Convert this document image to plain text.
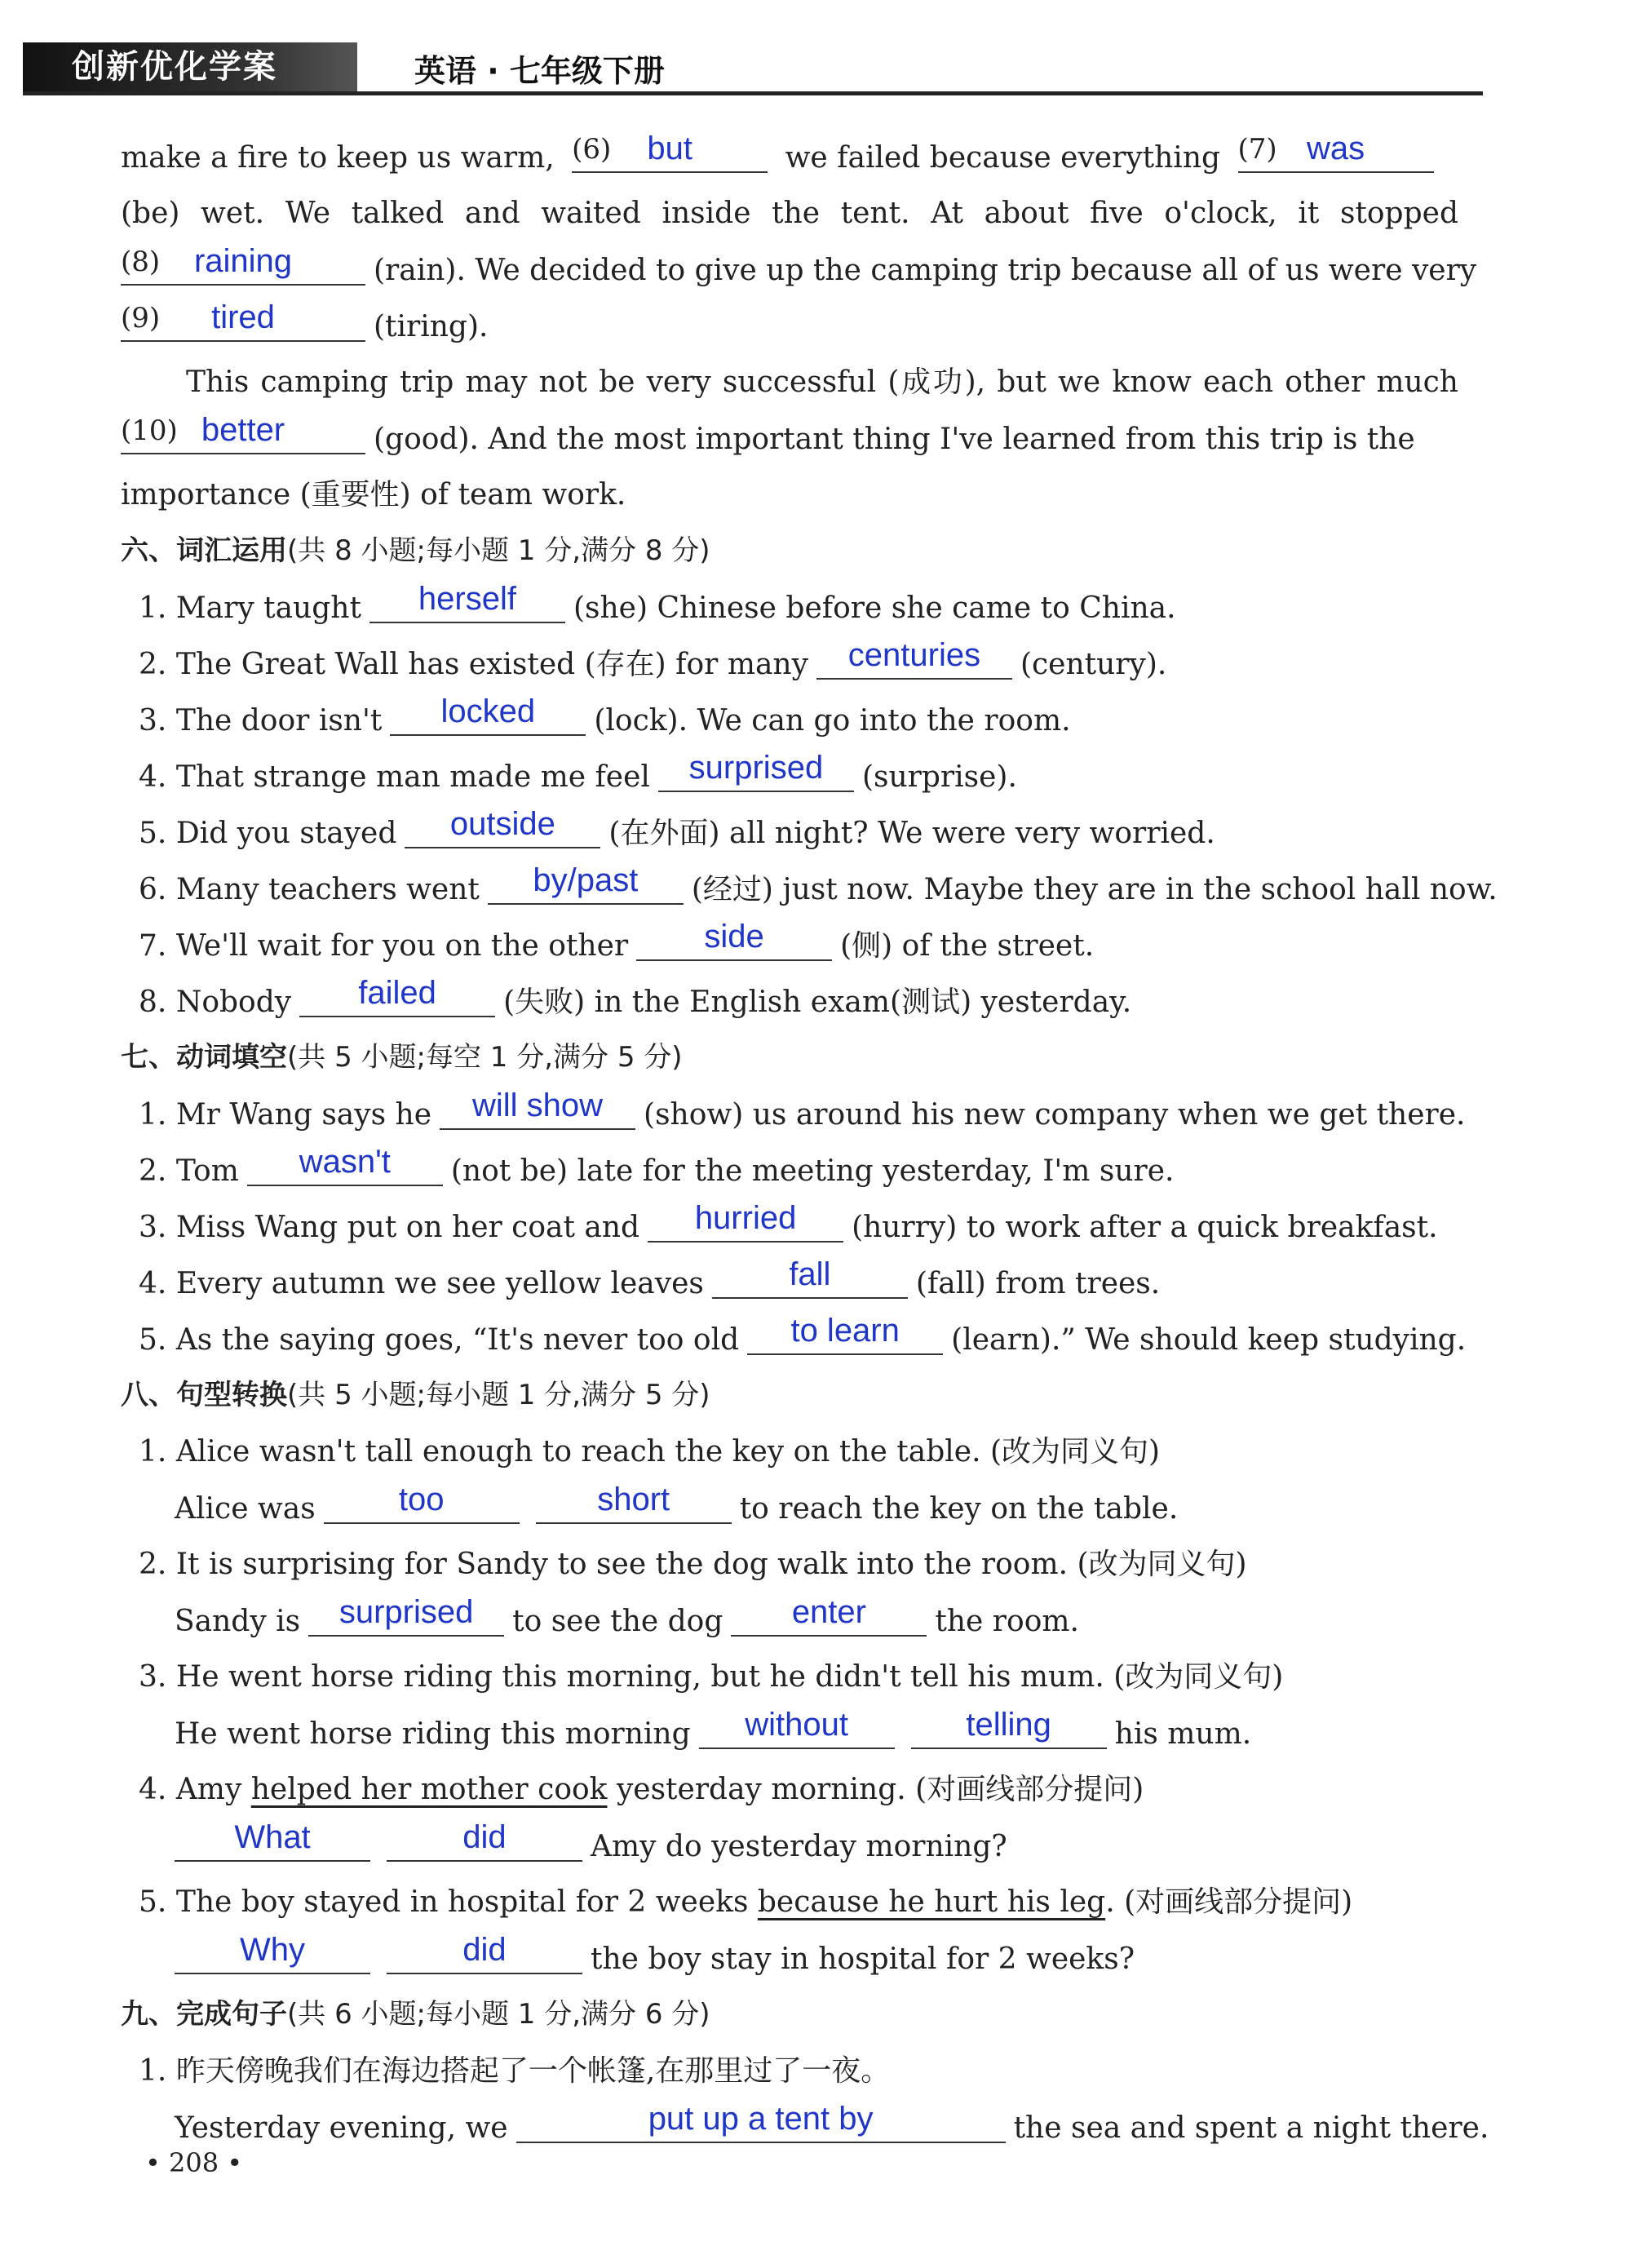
创新优化学案	英语 · 七年级下册
make a fire to keep us warm, (6) but	we failed because everything (7) was
(be) wet. We talked and waited inside the tent. At about five o'clock, it stopped
(8) raining	(rain). We decided to give up the camping trip because all of us were very
(9) tired	(tiring).
This camping trip may not be very successful (成功), but we know each other much
(10) better	(good). And the most important thing I've learned from this trip is the
importance (重要性) of team work.
六、词汇运用(共 8 小题;每小题 1 分,满分 8 分)
1. Mary taught herself (she) Chinese before she came to China.
2. The Great Wall has existed (存在) for many centuries (century).
3. The door isn't locked (lock). We can go into the room.
4. That strange man made me feel surprised (surprise).
5. Did you stayed outside (在外面) all night? We were very worried.
6. Many teachers went by/past (经过) just now. Maybe they are in the school hall now.
7. We'll wait for you on the other side	(侧) of the street.
8. Nobody failed (失败) in the English exam(测试) yesterday.
七、动词填空(共 5 小题;每空 1 分,满分 5 分)
1. Mr Wang says he will show (show) us around his new company when we get there.
2. Tom wasn't (not be) late for the meeting yesterday, I'm sure.
3. Miss Wang put on her coat and hurried (hurry) to work after a quick breakfast.
4. Every autumn we see yellow leaves	fall	(fall) from trees.
5. As the saying goes, “It's never too old to learn (learn).” We should keep studying.
八、句型转换(共 5 小题;每小题 1 分,满分 5 分)
1. Alice wasn't tall enough to reach the key on the table. (改为同义句)
Alice was	too	short to reach the key on the table.
2. It is surprising for Sandy to see the dog walk into the room. (改为同义句)
Sandy is surprised to see the dog enter the room.
3. He went horse riding this morning, but he didn't tell his mum. (改为同义句)
He went horse riding this morning without	telling his mum.
4. Amy helped her mother cook yesterday morning. (对画线部分提问)
What	did	Amy do yesterday morning?
5. The boy stayed in hospital for 2 weeks because he hurt his leg. (对画线部分提问)
Why	did	the boy stay in hospital for 2 weeks?
九、完成句子(共 6 小题;每小题 1 分,满分 6 分)
1. 昨天傍晚我们在海边搭起了一个帐篷,在那里过了一夜。
Yesterday evening, we	put up a tent by	the sea and spent a night there.
• 208 •
